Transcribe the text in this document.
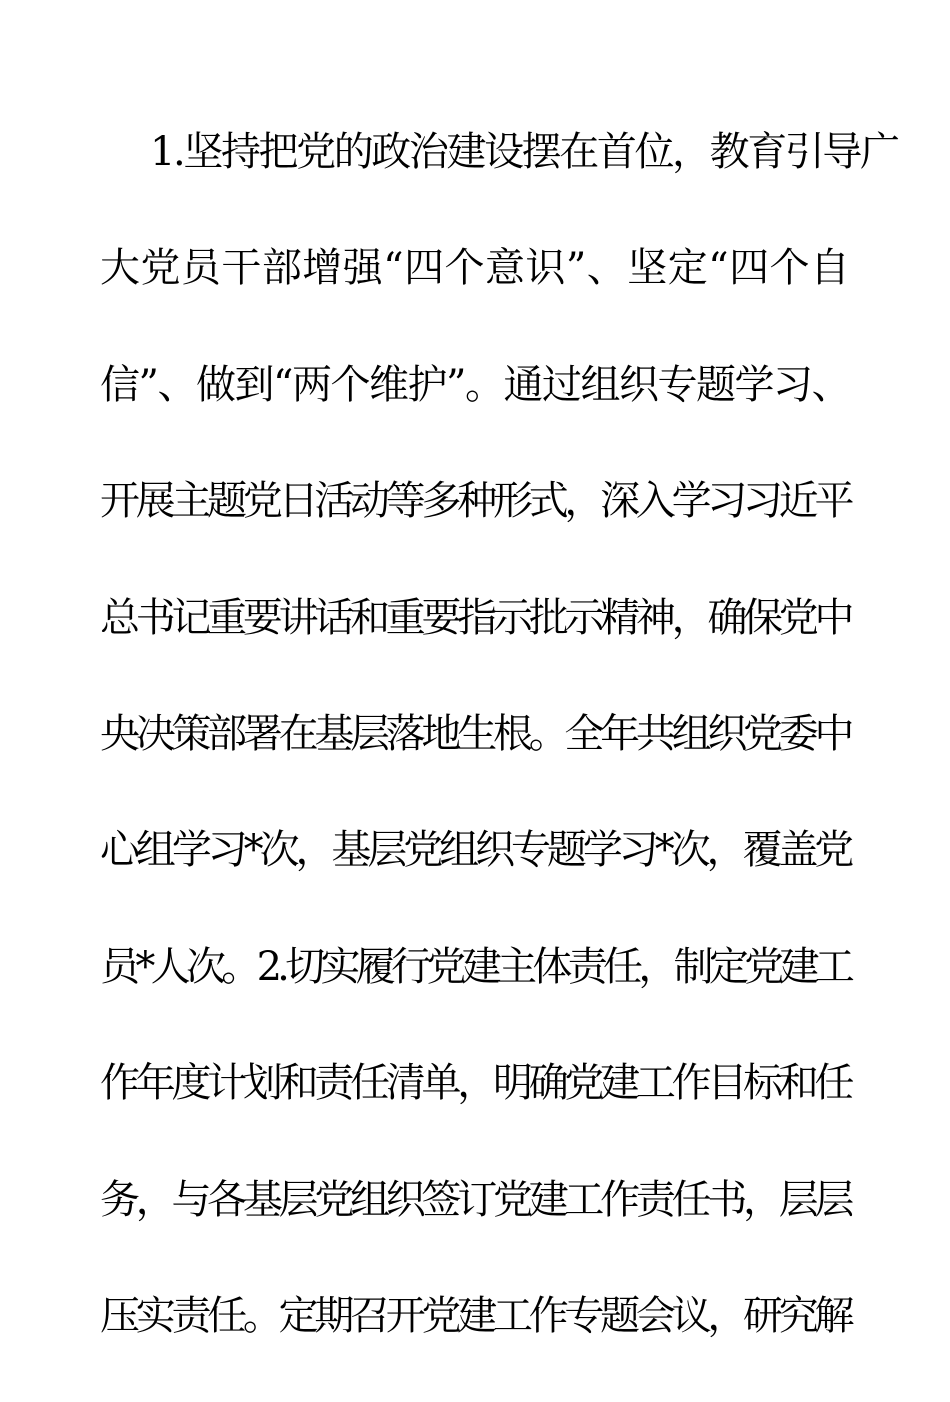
1.坚持把党的政治建设摆在首位，教育引导广
大党员干部增强“四个意识”、坚定“四个自
信”、做到“两个维护”。通过组织专题学习、
开展主题党日活动等多种形式，深入学习习近平
总书记重要讲话和重要指示批示精神，确保党中
央决策部署在基层落地生根。全年共组织党委中
心组学习*次，基层党组织专题学习*次，覆盖党
员*人次。2.切实履行党建主体责任，制定党建工
作年度计划和责任清单，明确党建工作目标和任
务，与各基层党组织签订党建工作责任书，层层
压实责任。定期召开党建工作专题会议，研究解
